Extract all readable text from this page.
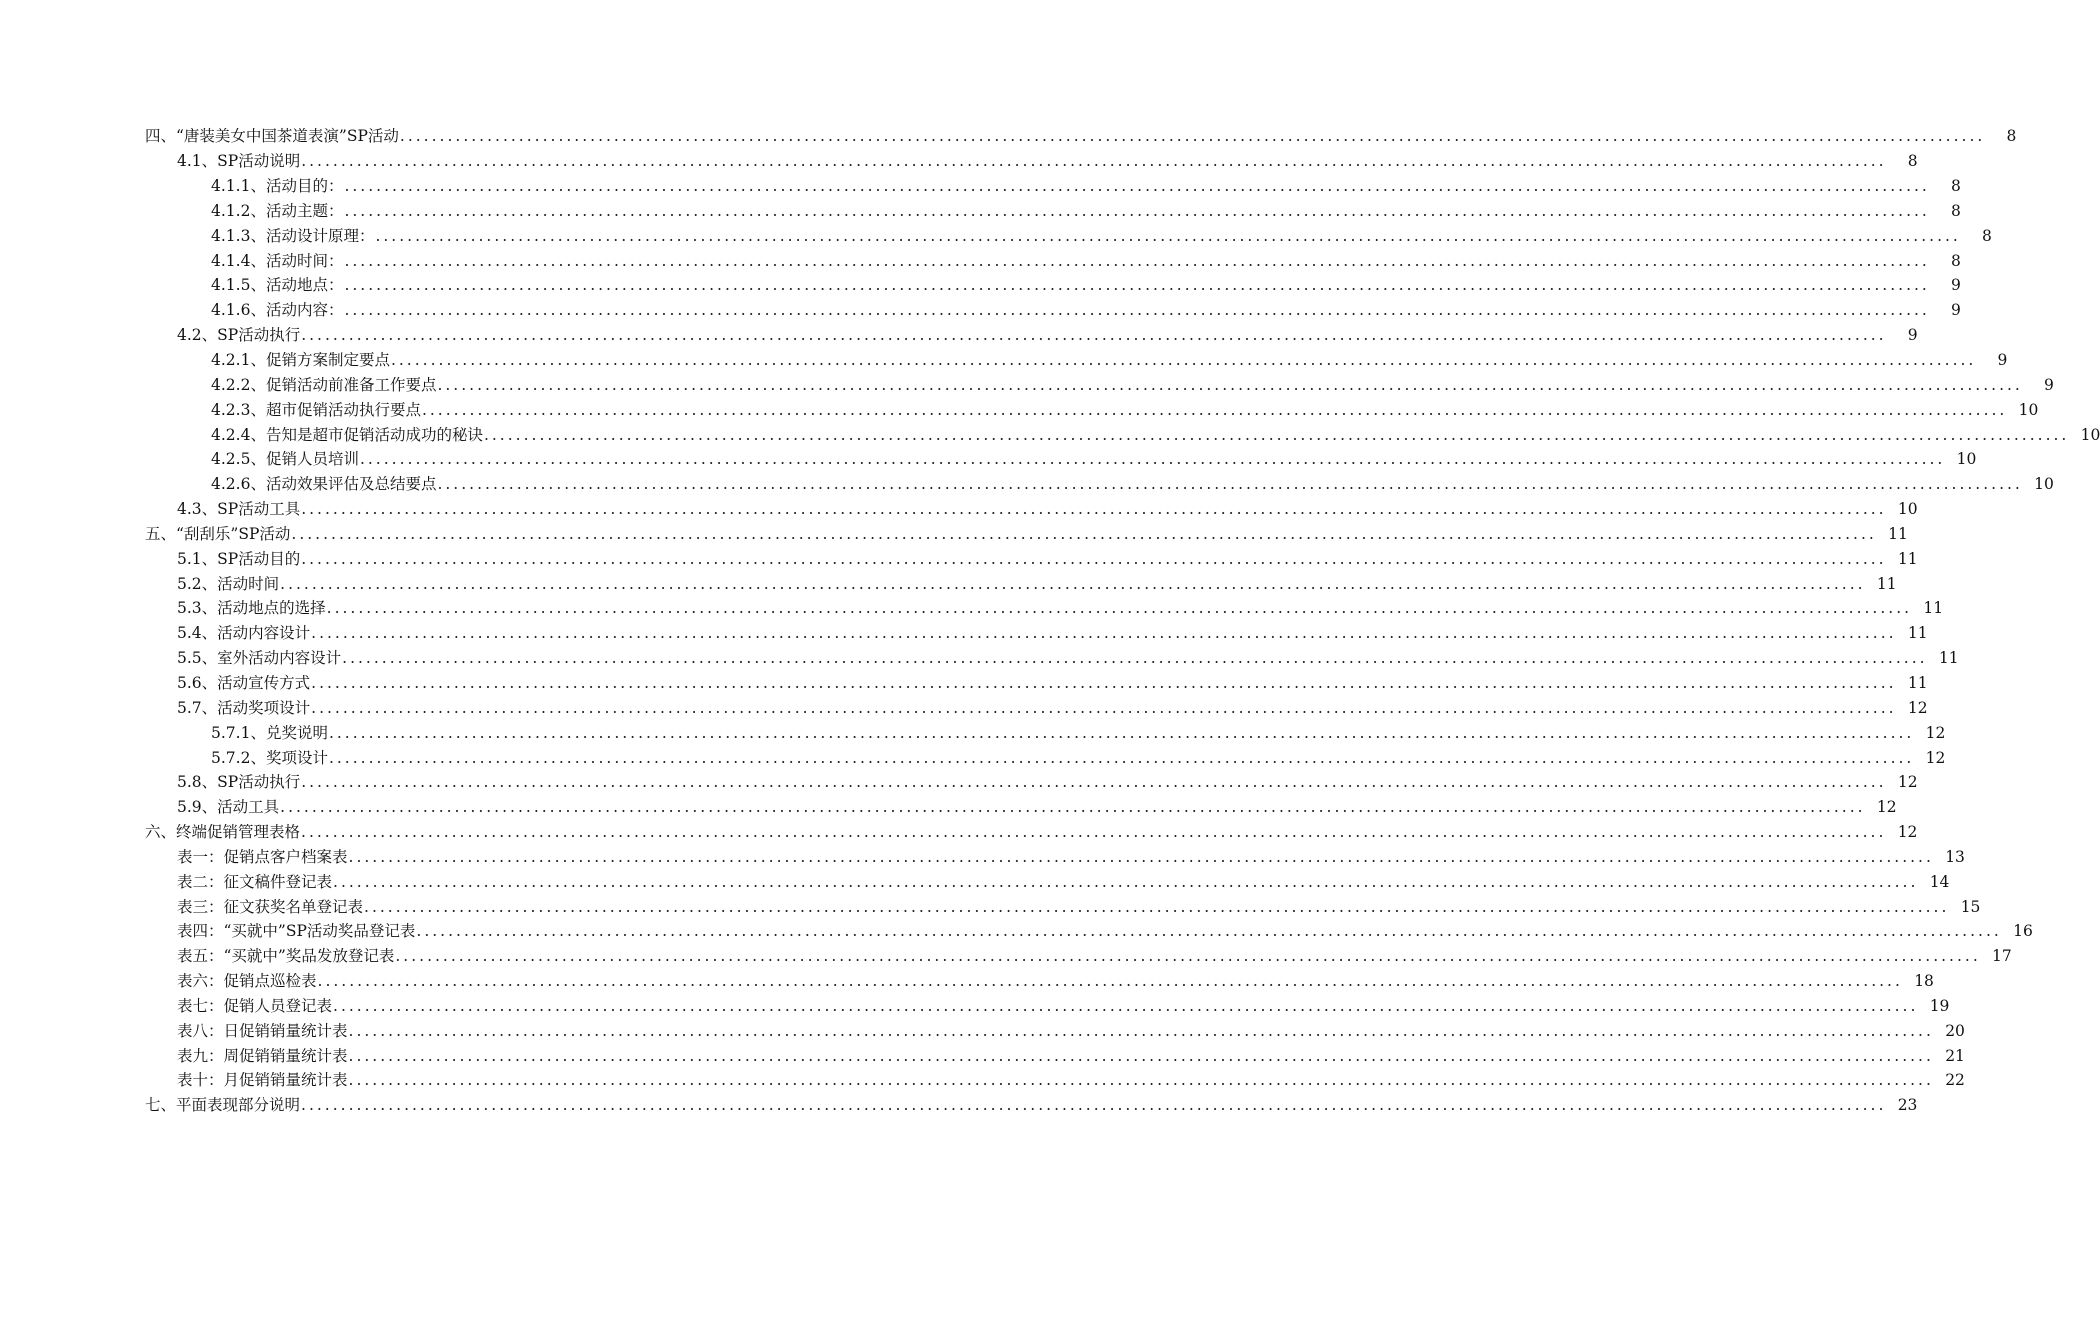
四、“唐装美女中国茶道表演”SP活动 ........................................................................................................................................................................................................	8
4.1、SP活动说明 ........................................................................................................................................................................................................	8
4.1.1、活动目的： ........................................................................................................................................................................................................	8
4.1.2、活动主题： ........................................................................................................................................................................................................	8
4.1.3、活动设计原理： ........................................................................................................................................................................................................	8
4.1.4、活动时间： ........................................................................................................................................................................................................	8
4.1.5、活动地点： ........................................................................................................................................................................................................	9
4.1.6、活动内容： ........................................................................................................................................................................................................	9
4.2、SP活动执行 ........................................................................................................................................................................................................	9
4.2.1、促销方案制定要点 ........................................................................................................................................................................................................	9
4.2.2、促销活动前准备工作要点 ........................................................................................................................................................................................................	9
4.2.3、超市促销活动执行要点 ........................................................................................................................................................................................................ 10
4.2.4、告知是超市促销活动成功的秘诀 ........................................................................................................................................................................................................ 10
4.2.5、促销人员培训 ........................................................................................................................................................................................................ 10
4.2.6、活动效果评估及总结要点 ........................................................................................................................................................................................................ 10
4.3、SP活动工具 ........................................................................................................................................................................................................ 10
五、“刮刮乐”SP活动 ........................................................................................................................................................................................................ 11
5.1、SP活动目的 ........................................................................................................................................................................................................ 11
5.2、活动时间 ........................................................................................................................................................................................................ 11
5.3、活动地点的选择 ........................................................................................................................................................................................................ 11
5.4、活动内容设计 ........................................................................................................................................................................................................ 11
5.5、室外活动内容设计 ........................................................................................................................................................................................................ 11
5.6、活动宣传方式 ........................................................................................................................................................................................................ 11
5.7、活动奖项设计 ........................................................................................................................................................................................................ 12
5.7.1、兑奖说明 ........................................................................................................................................................................................................ 12
5.7.2、奖项设计 ........................................................................................................................................................................................................ 12
5.8、SP活动执行 ........................................................................................................................................................................................................ 12
5.9、活动工具 ........................................................................................................................................................................................................ 12
六、终端促销管理表格 ........................................................................................................................................................................................................ 12
表一：促销点客户档案表 ........................................................................................................................................................................................................ 13
表二：征文稿件登记表 ........................................................................................................................................................................................................ 14
表三：征文获奖名单登记表 ........................................................................................................................................................................................................ 15
表四：“买就中”SP活动奖品登记表 ........................................................................................................................................................................................................ 16
表五：“买就中”奖品发放登记表 ........................................................................................................................................................................................................ 17
表六：促销点巡检表 ........................................................................................................................................................................................................ 18
表七：促销人员登记表 ........................................................................................................................................................................................................ 19
表八：日促销销量统计表 ........................................................................................................................................................................................................ 20
表九：周促销销量统计表 ........................................................................................................................................................................................................ 21
表十：月促销销量统计表 ........................................................................................................................................................................................................ 22
七、平面表现部分说明 ........................................................................................................................................................................................................ 23
